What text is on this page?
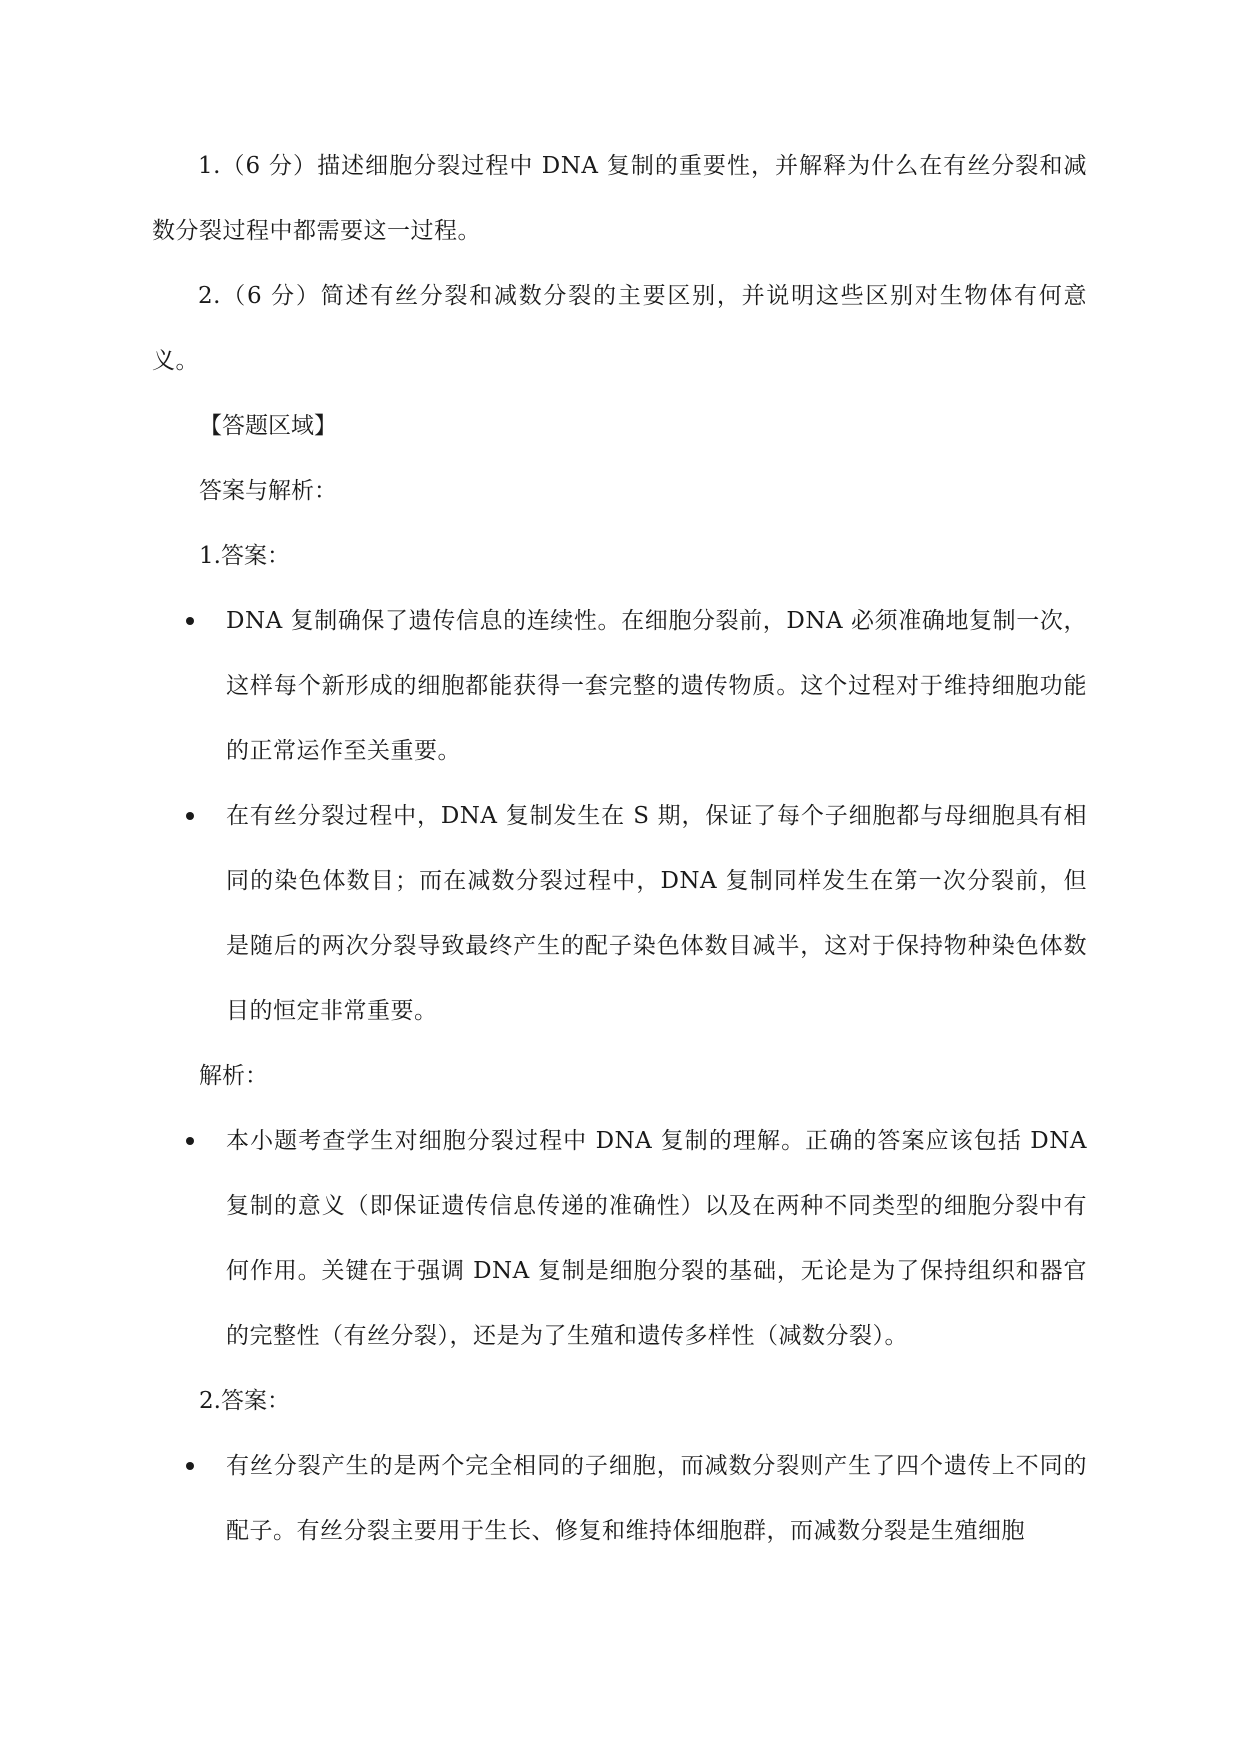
1.（6 分）描述细胞分裂过程中 DNA 复制的重要性，并解释为什么在有丝分裂和减数分裂过程中都需要这一过程。

2.（6 分）简述有丝分裂和减数分裂的主要区别，并说明这些区别对生物体有何意义。

【答题区域】

答案与解析：

1.答案：

DNA 复制确保了遗传信息的连续性。在细胞分裂前，DNA 必须准确地复制一次，这样每个新形成的细胞都能获得一套完整的遗传物质。这个过程对于维持细胞功能的正常运作至关重要。

在有丝分裂过程中，DNA 复制发生在 S 期，保证了每个子细胞都与母细胞具有相同的染色体数目；而在减数分裂过程中，DNA 复制同样发生在第一次分裂前，但是随后的两次分裂导致最终产生的配子染色体数目减半，这对于保持物种染色体数目的恒定非常重要。

解析：

本小题考查学生对细胞分裂过程中 DNA 复制的理解。正确的答案应该包括 DNA 复制的意义（即保证遗传信息传递的准确性）以及在两种不同类型的细胞分裂中有何作用。关键在于强调 DNA 复制是细胞分裂的基础，无论是为了保持组织和器官的完整性（有丝分裂），还是为了生殖和遗传多样性（减数分裂）。

2.答案：

有丝分裂产生的是两个完全相同的子细胞，而减数分裂则产生了四个遗传上不同的配子。有丝分裂主要用于生长、修复和维持体细胞群，而减数分裂是生殖细胞
